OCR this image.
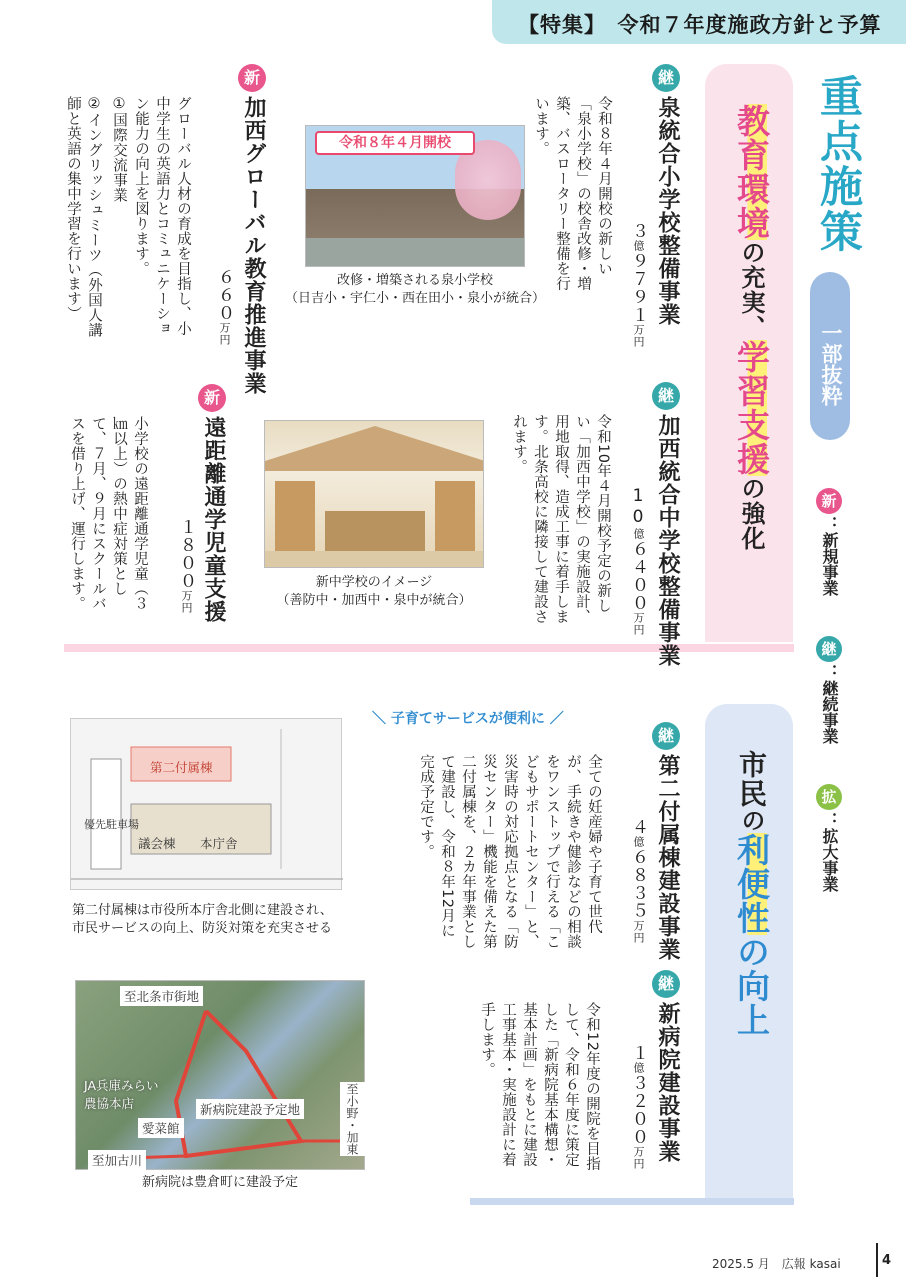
【特集】　令和７年度施政方針と予算
重点施策
一部抜粋
新
：新規事業
継
：継続事業
拡
：拡大事業
教育環境の充実、学習支援の強化
市民の利便性の向上
継
泉統合小学校整備事業
３億９７９１万円
令和８年４月開校の新しい「泉小学校」の校舎改修・増築、バスロータリー整備を行います。
継
加西統合中学校整備事業
10億６４００万円
令和10年４月開校予定の新しい「加西中学校」の実施設計、用地取得、造成工事に着手します。北条高校に隣接して建設されます。
令和８年４月開校
改修・増築される泉小学校
（日吉小・宇仁小・西在田小・泉小が統合）
新
加西グローバル教育推進事業
６６０万円
グローバル人材の育成を目指し、小中学生の英語力とコミュニケーション能力の向上を図ります。
①国際交流事業
②イングリッシュミーツ（外国人講師と英語の集中学習を行います）
新
遠距離通学児童支援
１８００万円
小学校の遠距離通学児童（３㎞以上）の熱中症対策として、７月、９月にスクールバスを借り上げ、運行します。	新中学校のイメージ
（善防中・加西中・泉中が統合）
＼ 子育てサービスが便利に ／
継
第二付属棟建設事業
４億６８３５万円
全ての妊産婦や子育て世代が、手続きや健診などの相談をワンストップで行える「こどもサポートセンター」と、災害時の対応拠点となる「防災センター」機能を備えた第二付属棟を、２カ年事業として建設し、令和８年12月に完成予定です。
継
新病院建設事業
１億３２００万円
令和12年度の開院を目指して、令和６年度に策定した「新病院基本構想・基本計画」をもとに建設工事基本・実施設計に着手します。
第二付属棟
優先駐車場
議会棟 本庁舎
第二付属棟は市役所本庁舎北側に建設され、
市民サービスの向上、防災対策を充実させる
至北条市街地
JA兵庫みらい
農協本店	新病院建設予定地
愛菜館
至加古川
至小野・加東
新病院は豊倉町に建設予定
2025.5 月　広報 kasai	4
